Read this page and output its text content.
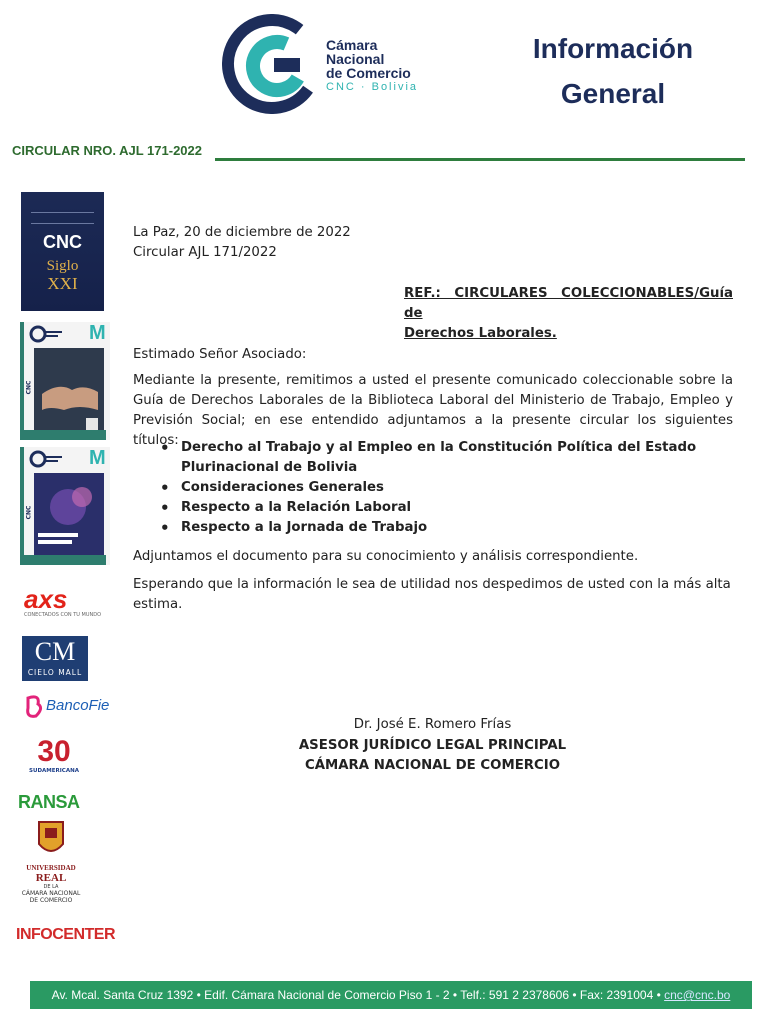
Cámara
Nacional
de Comercio
CNC · Bolivia
Información
General
CIRCULAR NRO. AJL 171-2022
CNC
Siglo
XXI
M
CNC
M
CNC
axs
CONECTADOS CON TU MUNDO
CM
CIELO MALL
BancoFie
30
SUDAMERICANA
RANSA
UNIVERSIDAD
REAL
DE LA
CÁMARA NACIONAL
DE COMERCIO
INFOCENTER
La Paz, 20 de diciembre de 2022
Circular AJL 171/2022
REF.: CIRCULARES COLECCIONABLES/Guía de
Derechos Laborales.
Estimado Señor Asociado:
Mediante la presente, remitimos a usted el presente comunicado coleccionable sobre la Guía de Derechos Laborales de la Biblioteca Laboral del Ministerio de Trabajo, Empleo y Previsión Social; en ese entendido adjuntamos a la presente circular los siguientes títulos:
• Derecho al Trabajo y al Empleo en la Constitución Política del Estado Plurinacional de Bolivia
• Consideraciones Generales
• Respecto a la Relación Laboral
• Respecto a la Jornada de Trabajo
Adjuntamos el documento para su conocimiento y análisis correspondiente.
Esperando que la información le sea de utilidad nos despedimos de usted con la más alta estima.
Dr. José E. Romero Frías
ASESOR JURÍDICO LEGAL PRINCIPAL
CÁMARA NACIONAL DE COMERCIO
Av. Mcal. Santa Cruz 1392 • Edif. Cámara Nacional de Comercio Piso 1 - 2 • Telf.: 591 2 2378606 • Fax: 2391004 • cnc@cnc.bo
